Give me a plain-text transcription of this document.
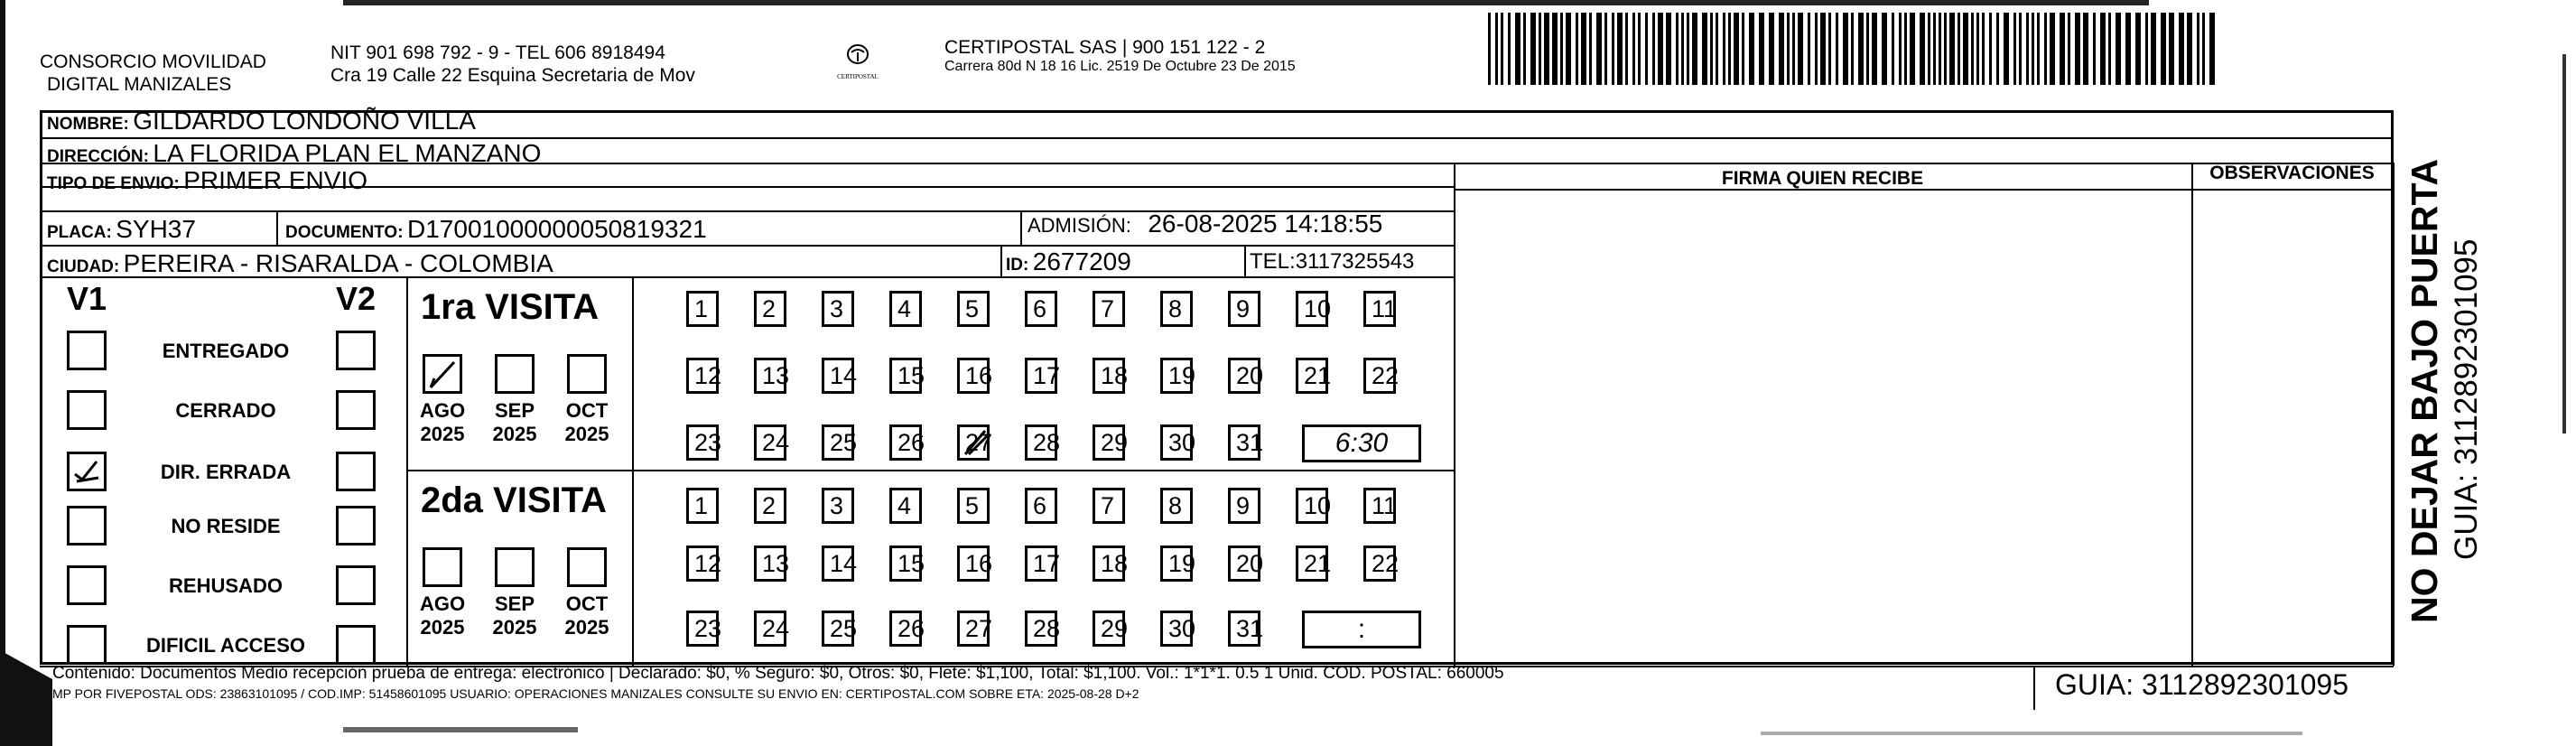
CONSORCIO MOVILIDAD
DIGITAL MANIZALES
NIT 901 698 792 - 9 - TEL 606 8918494
Cra 19 Calle 22 Esquina Secretaria de Mov	CERTIPOSTAL
CERTIPOSTAL SAS | 900 151 122 - 2
Carrera 80d N 18 16 Lic. 2519 De Octubre 23 De 2015
NOMBRE: GILDARDO LONDOÑO VILLA
DIRECCIÓN: LA FLORIDA PLAN EL MANZANO
TIPO DE ENVIO: PRIMER ENVIO
PLACA: SYH37	DOCUMENTO: D17001000000050819321	ADMISIÓN: 26-08-2025 14:18:55
CIUDAD: PEREIRA - RISARALDA - COLOMBIA	ID: 2677209	TEL:3117325543
FIRMA QUIEN RECIBE	OBSERVACIONES
V1	V2
ENTREGADO
CERRADO
DIR. ERRADA
NO RESIDE
REHUSADO
DIFICIL ACCESO
1ra VISITA
2da VISITA
AGO
2025
SEP
2025
OCT
2025
AGO
2025
SEP
2025
OCT
2025
1	2	3	4	5	6	7	8	9	10	11
12	13	14	15	16	17	18	19	20	21	22
23	24	25	26	27	28	29	30	31	6:30
1	2	3	4	5	6	7	8	9	10	11
12	13	14	15	16	17	18	19	20	21	22
23	24	25	26	27	28	29	30	31	:
Contenido: Documentos Medio recepción prueba de entrega: electrónico | Declarado: $0, % Seguro: $0, Otros: $0, Flete: $1,100, Total: $1,100. Vol.: 1*1*1. 0.5 1 Unid. COD. POSTAL: 660005
MP POR FIVEPOSTAL ODS: 23863101095 / COD.IMP: 51458601095 USUARIO: OPERACIONES MANIZALES CONSULTE SU ENVIO EN: CERTIPOSTAL.COM SOBRE ETA: 2025-08-28 D+2	GUIA: 3112892301095
NO DEJAR BAJO PUERTA GUIA: 3112892301095
